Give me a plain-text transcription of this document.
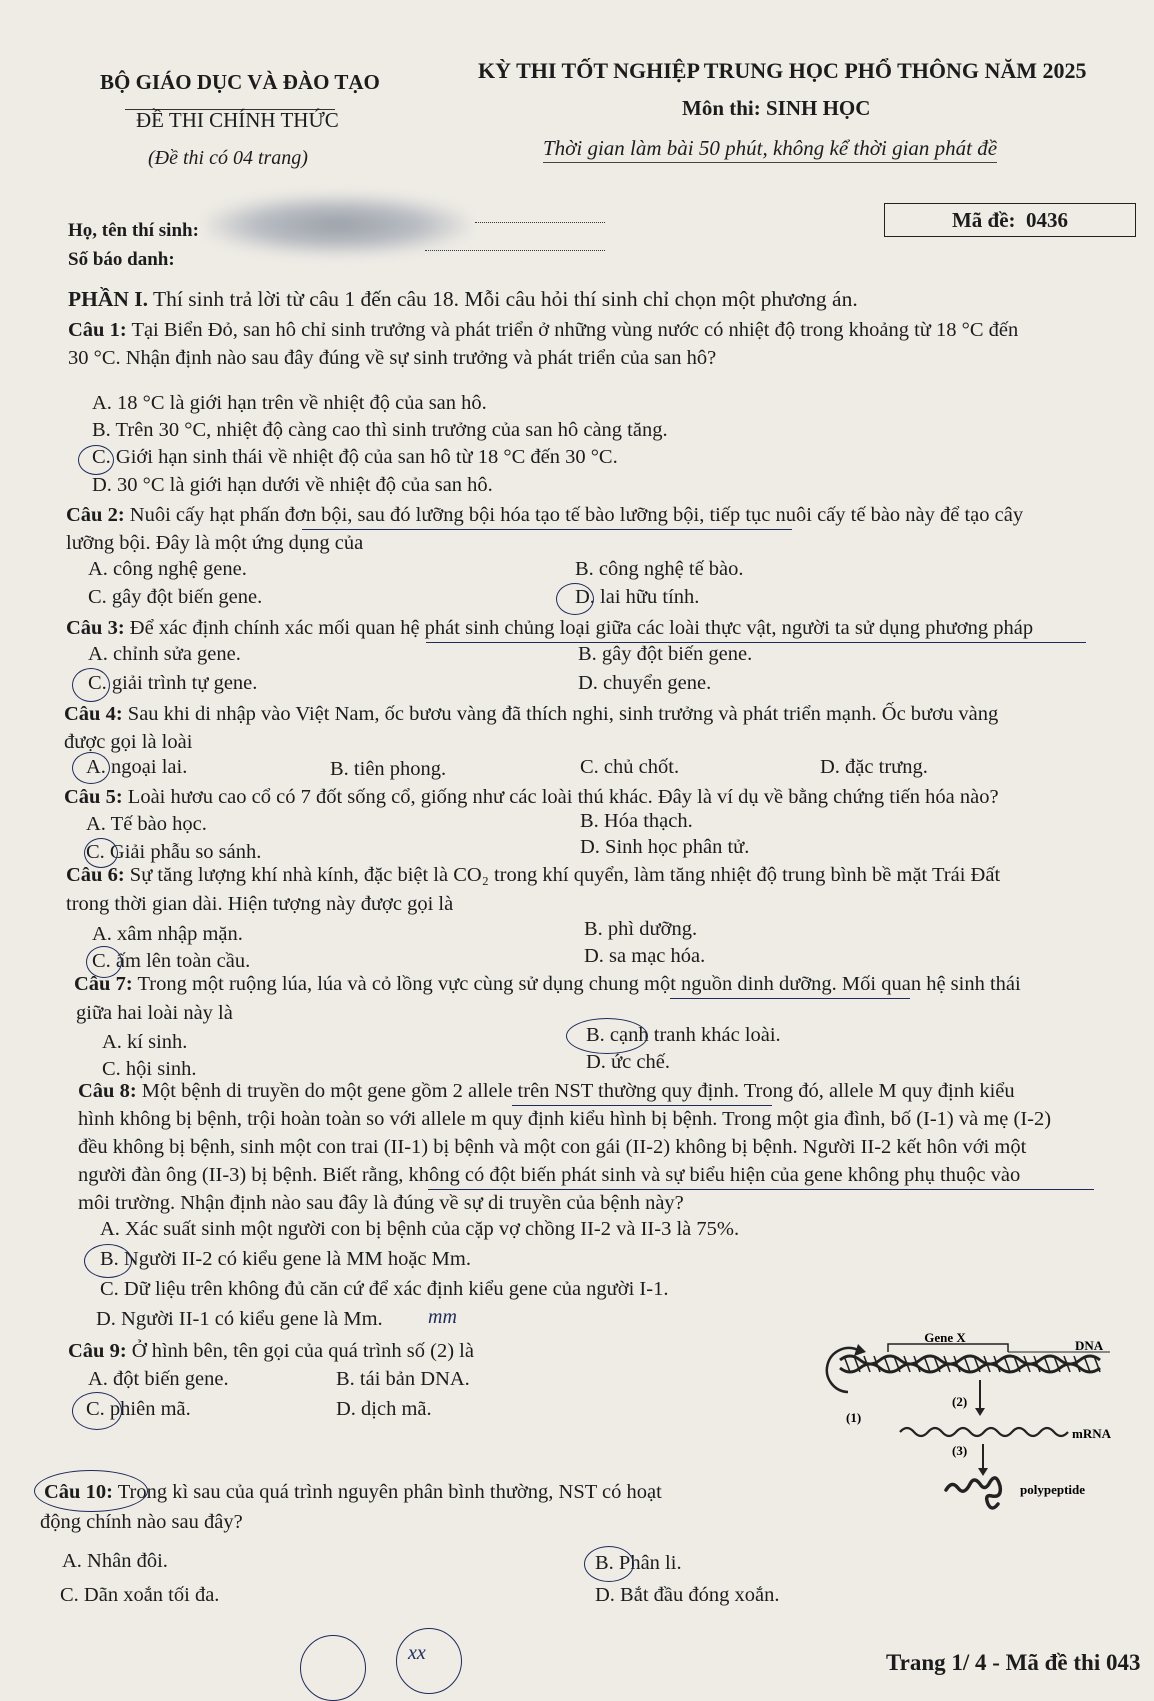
BỘ GIÁO DỤC VÀ ĐÀO TẠO
ĐỀ THI CHÍNH THỨC
(Đề thi có 04 trang)
KỲ THI TỐT NGHIỆP TRUNG HỌC PHỔ THÔNG NĂM 2025
Môn thi: SINH HỌC
Thời gian làm bài 50 phút, không kể thời gian phát đề
Họ, tên thí sinh:
Số báo danh:
Mã đề:
0436
PHẦN I. Thí sinh trả lời từ câu 1 đến câu 18. Mỗi câu hỏi thí sinh chỉ chọn một phương án.
Câu 1: Tại Biển Đỏ, san hô chỉ sinh trưởng và phát triển ở những vùng nước có nhiệt độ trong khoảng từ 18 °C đến
30 °C. Nhận định nào sau đây đúng về sự sinh trưởng và phát triển của san hô?
A. 18 °C là giới hạn trên về nhiệt độ của san hô.
B. Trên 30 °C, nhiệt độ càng cao thì sinh trưởng của san hô càng tăng.
C. Giới hạn sinh thái về nhiệt độ của san hô từ 18 °C đến 30 °C.
D. 30 °C là giới hạn dưới về nhiệt độ của san hô.
Câu 2: Nuôi cấy hạt phấn đơn bội, sau đó lưỡng bội hóa tạo tế bào lưỡng bội, tiếp tục nuôi cấy tế bào này để tạo cây
lưỡng bội. Đây là một ứng dụng của
A. công nghệ gene.	B. công nghệ tế bào.
C. gây đột biến gene.	D. lai hữu tính.
Câu 3: Để xác định chính xác mối quan hệ phát sinh chủng loại giữa các loài thực vật, người ta sử dụng phương pháp
A. chỉnh sửa gene.	B. gây đột biến gene.
C. giải trình tự gene.	D. chuyển gene.
Câu 4: Sau khi di nhập vào Việt Nam, ốc bươu vàng đã thích nghi, sinh trưởng và phát triển mạnh. Ốc bươu vàng
được gọi là loài
A. ngoại lai.	B. tiên phong.	C. chủ chốt.	D. đặc trưng.
Câu 5: Loài hươu cao cổ có 7 đốt sống cổ, giống như các loài thú khác. Đây là ví dụ về bằng chứng tiến hóa nào?
A. Tế bào học.	B. Hóa thạch.
C. Giải phẫu so sánh.	D. Sinh học phân tử.
Câu 6: Sự tăng lượng khí nhà kính, đặc biệt là CO₂ trong khí quyển, làm tăng nhiệt độ trung bình bề mặt Trái Đất
trong thời gian dài. Hiện tượng này được gọi là
A. xâm nhập mặn.	B. phì dưỡng.
C. ấm lên toàn cầu.	D. sa mạc hóa.
Câu 7: Trong một ruộng lúa, lúa và cỏ lồng vực cùng sử dụng chung một nguồn dinh dưỡng. Mối quan hệ sinh thái
giữa hai loài này là
A. kí sinh.	B. cạnh tranh khác loài.
C. hội sinh.	D. ức chế.
Câu 8: Một bệnh di truyền do một gene gồm 2 allele trên NST thường quy định. Trong đó, allele M quy định kiểu
hình không bị bệnh, trội hoàn toàn so với allele m quy định kiểu hình bị bệnh. Trong một gia đình, bố (I-1) và mẹ (I-2)
đều không bị bệnh, sinh một con trai (II-1) bị bệnh và một con gái (II-2) không bị bệnh. Người II-2 kết hôn với một
người đàn ông (II-3) bị bệnh. Biết rằng, không có đột biến phát sinh và sự biểu hiện của gene không phụ thuộc vào
môi trường. Nhận định nào sau đây là đúng về sự di truyền của bệnh này?
A. Xác suất sinh một người con bị bệnh của cặp vợ chồng II-2 và II-3 là 75%.
B. Người II-2 có kiểu gene là MM hoặc Mm.
C. Dữ liệu trên không đủ căn cứ để xác định kiểu gene của người I-1.
D. Người II-1 có kiểu gene là Mm. mm
Câu 9: Ở hình bên, tên gọi của quá trình số (2) là
A. đột biến gene.	B. tái bản DNA.
C. phiên mã.	D. dịch mã.
Gene X
DNA
(1)
(2)
mRNA
(3)
polypeptide
Câu 10: Trong kì sau của quá trình nguyên phân bình thường, NST có hoạt
động chính nào sau đây?
A. Nhân đôi.	B. Phân li.
C. Dãn xoắn tối đa.	D. Bắt đầu đóng xoắn.
xx	Trang 1/ 4 - Mã đề thi 043
